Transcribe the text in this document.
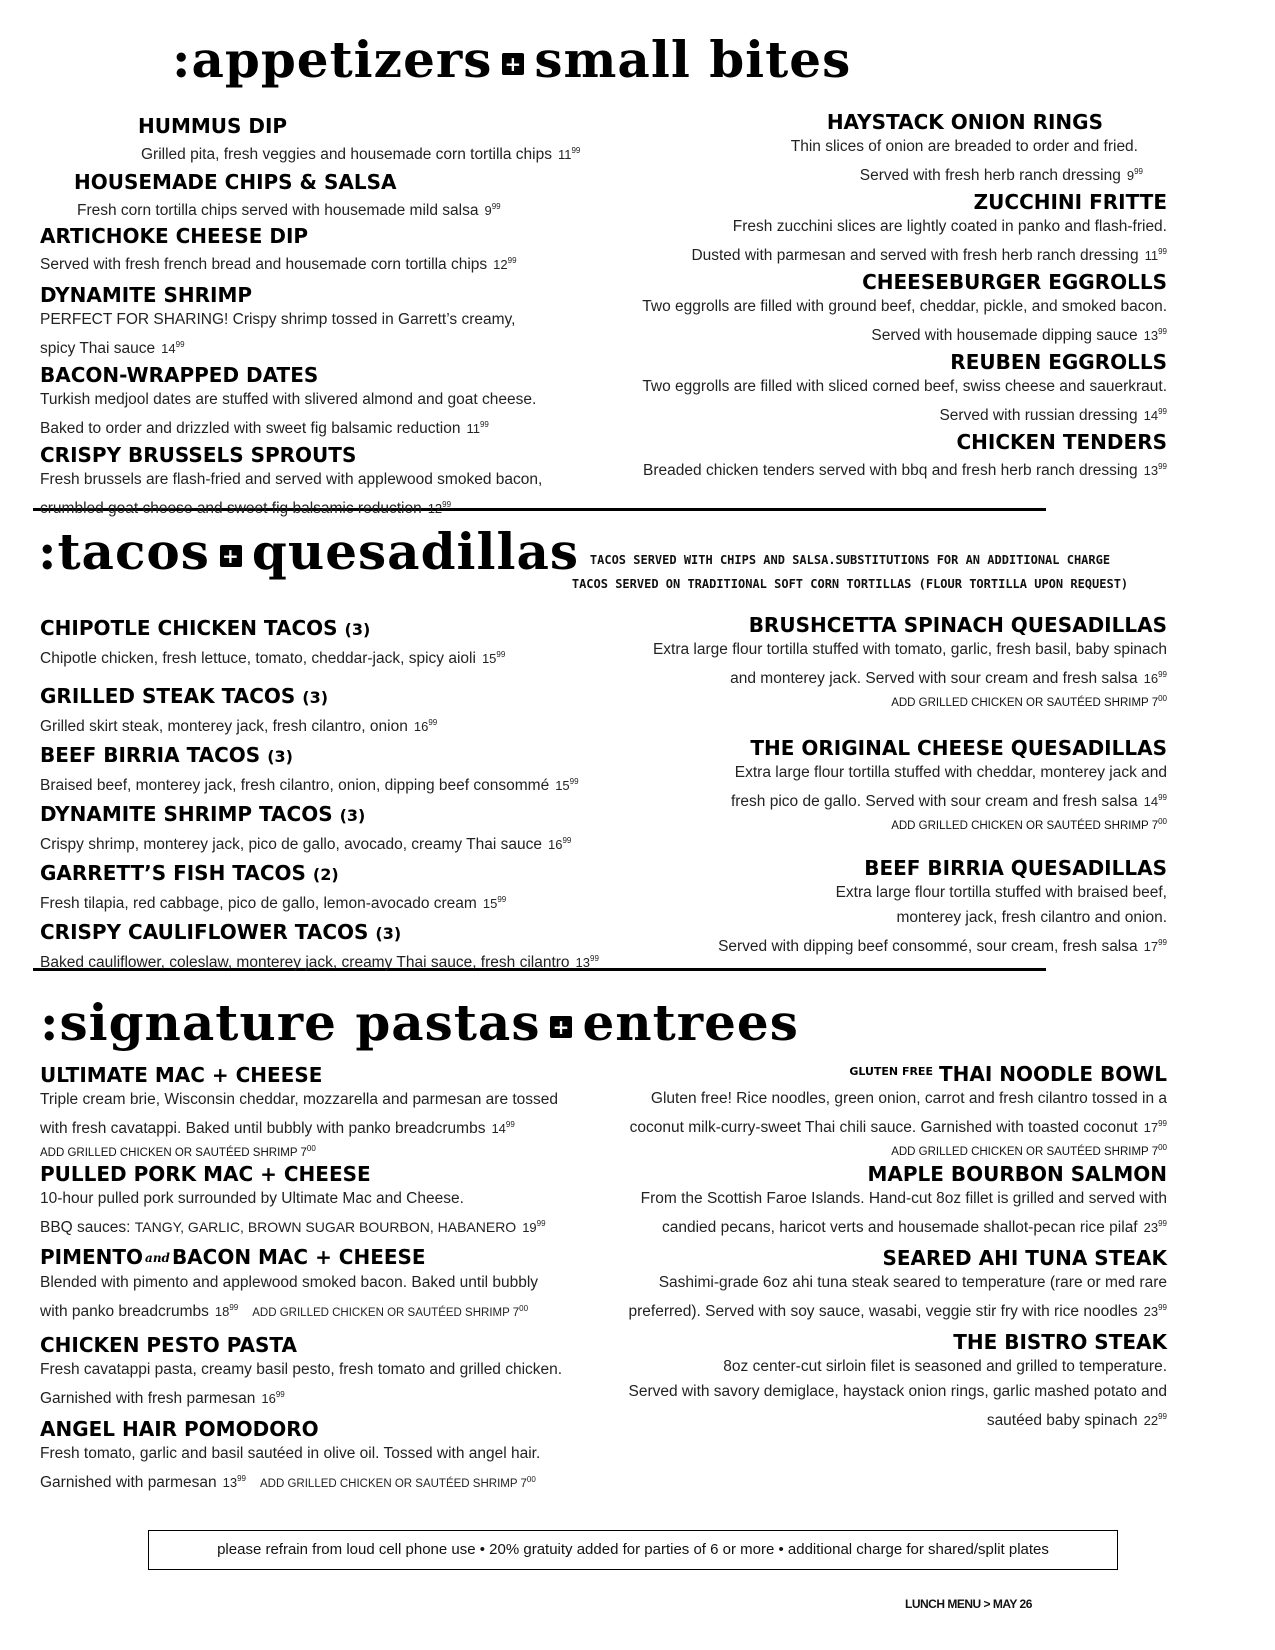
:appetizers + small bites
:tacos + quesadillas TACOS SERVED WITH CHIPS AND SALSA.SUBSTITUTIONS FOR AN ADDITIONAL CHARGE
TACOS SERVED ON TRADITIONAL SOFT CORN TORTILLAS (FLOUR TORTILLA UPON REQUEST)
:signature pastas + entrees
HUMMUS DIP
Grilled pita, fresh veggies and housemade corn tortilla chips $11^{99}$
HOUSEMADE CHIPS & SALSA
Fresh corn tortilla chips served with housemade mild salsa $9^{99}$
ARTICHOKE CHEESE DIP
Served with fresh french bread and housemade corn tortilla chips $12^{99}$
DYNAMITE SHRIMP
PERFECT FOR SHARING! Crispy shrimp tossed in Garrett’s creamy,
spicy Thai sauce $14^{99}$
BACON-WRAPPED DATES
Turkish medjool dates are stuffed with slivered almond and goat cheese.
Baked to order and drizzled with sweet fig balsamic reduction $11^{99}$
CRISPY BRUSSELS SPROUTS
Fresh brussels are flash-fried and served with applewood smoked bacon,
crumbled goat cheese and sweet fig balsamic reduction $12^{99}$
HAYSTACK ONION RINGS
Thin slices of onion are breaded to order and fried.
Served with fresh herb ranch dressing $9^{99}$
ZUCCHINI FRITTE
Fresh zucchini slices are lightly coated in panko and flash-fried.
Dusted with parmesan and served with fresh herb ranch dressing $11^{99}$
CHEESEBURGER EGGROLLS
Two eggrolls are filled with ground beef, cheddar, pickle, and smoked bacon.
Served with housemade dipping sauce $13^{99}$
REUBEN EGGROLLS
Two eggrolls are filled with sliced corned beef, swiss cheese and sauerkraut.
Served with russian dressing $14^{99}$
CHICKEN TENDERS
Breaded chicken tenders served with bbq and fresh herb ranch dressing $13^{99}$
CHIPOTLE CHICKEN TACOS (3)
Chipotle chicken, fresh lettuce, tomato, cheddar-jack, spicy aioli $15^{99}$
GRILLED STEAK TACOS (3)
Grilled skirt steak, monterey jack, fresh cilantro, onion $16^{99}$
BEEF BIRRIA TACOS (3)
Braised beef, monterey jack, fresh cilantro, onion, dipping beef consommé $15^{99}$
DYNAMITE SHRIMP TACOS (3)
Crispy shrimp, monterey jack, pico de gallo, avocado, creamy Thai sauce $16^{99}$
GARRETT’S FISH TACOS (2)
Fresh tilapia, red cabbage, pico de gallo, lemon-avocado cream $15^{99}$
CRISPY CAULIFLOWER TACOS (3)
Baked cauliflower, coleslaw, monterey jack, creamy Thai sauce, fresh cilantro $13^{99}$
BRUSHCETTA SPINACH QUESADILLAS
Extra large flour tortilla stuffed with tomato, garlic, fresh basil, baby spinach
and monterey jack. Served with sour cream and fresh salsa $16^{99}$
ADD GRILLED CHICKEN OR SAUTÉED SHRIMP $7^{00}$
THE ORIGINAL CHEESE QUESADILLAS
Extra large flour tortilla stuffed with cheddar, monterey jack and
fresh pico de gallo. Served with sour cream and fresh salsa $14^{99}$
ADD GRILLED CHICKEN OR SAUTÉED SHRIMP $7^{00}$
BEEF BIRRIA QUESADILLAS
Extra large flour tortilla stuffed with braised beef,
monterey jack, fresh cilantro and onion.
Served with dipping beef consommé, sour cream, fresh salsa $17^{99}$
ULTIMATE MAC + CHEESE
Triple cream brie, Wisconsin cheddar, mozzarella and parmesan are tossed
with fresh cavatappi. Baked until bubbly with panko breadcrumbs $14^{99}$
ADD GRILLED CHICKEN OR SAUTÉED SHRIMP $7^{00}$
PULLED PORK MAC + CHEESE
10-hour pulled pork surrounded by Ultimate Mac and Cheese.
BBQ sauces: TANGY, GARLIC, BROWN SUGAR BOURBON, HABANERO $19^{99}$
PIMENTO and BACON MAC + CHEESE
Blended with pimento and applewood smoked bacon. Baked until bubbly
with panko breadcrumbs $18^{99}$ ADD GRILLED CHICKEN OR SAUTÉED SHRIMP $7^{00}$
CHICKEN PESTO PASTA
Fresh cavatappi pasta, creamy basil pesto, fresh tomato and grilled chicken.
Garnished with fresh parmesan $16^{99}$
ANGEL HAIR POMODORO
Fresh tomato, garlic and basil sautéed in olive oil. Tossed with angel hair.
Garnished with parmesan $13^{99}$ ADD GRILLED CHICKEN OR SAUTÉED SHRIMP $7^{00}$
$^{GLUTEN FREE}$ THAI NOODLE BOWL
Gluten free! Rice noodles, green onion, carrot and fresh cilantro tossed in a
coconut milk-curry-sweet Thai chili sauce. Garnished with toasted coconut $17^{99}$
ADD GRILLED CHICKEN OR SAUTÉED SHRIMP $7^{00}$
MAPLE BOURBON SALMON
From the Scottish Faroe Islands. Hand-cut 8oz fillet is grilled and served with
candied pecans, haricot verts and housemade shallot-pecan rice pilaf $23^{99}$
SEARED AHI TUNA STEAK
Sashimi-grade 6oz ahi tuna steak seared to temperature (rare or med rare
preferred). Served with soy sauce, wasabi, veggie stir fry with rice noodles $23^{99}$
THE BISTRO STEAK
8oz center-cut sirloin filet is seasoned and grilled to temperature.
Served with savory demiglace, haystack onion rings, garlic mashed potato and
sautéed baby spinach $22^{99}$
please refrain from loud cell phone use • 20% gratuity added for parties of 6 or more • additional charge for shared/split plates
LUNCH MENU > MAY 26
